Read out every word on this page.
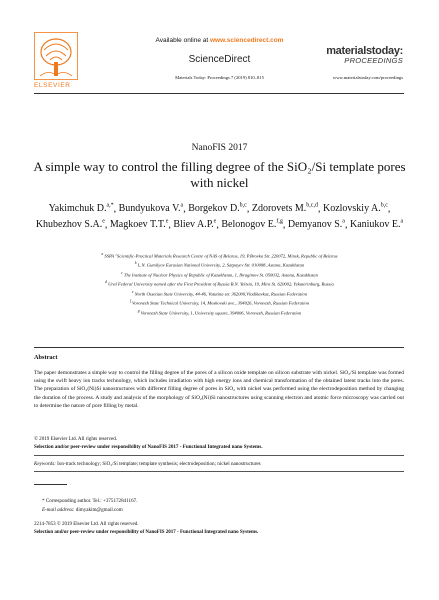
ELSEVIER
Available online at www.sciencedirect.com
ScienceDirect
Materials Today: Proceedings 7 (2019) 810–815
materialstoday:
PROCEEDINGS
www.materialstoday.com/proceedings
NanoFIS 2017
A simple way to control the filling degree of the SiO₂/Si template pores with nickel
Yakimchuk D.$^{a,*}$, Bundyukova V.$^a$, Borgekov D.$^{b,c}$, Zdorovets M.$^{b,c,d}$, Kozlovskiy A.$^{b,c}$, Khubezhov S.A.$^e$, Magkoev T.T.$^e$, Bliev A.P.$^e$, Belonogov E.$^{f,g}$, Demyanov S.$^a$, Kaniukov E.$^a$
$^a$ SSPA "Scientific-Practical Materials Research Centre of NAS of Belarus, 19, P.Brovka Str. 220072, Minsk, Republic of Belarus
$^b$ L.N. Gumilyov Eurasian National University, 2, Satpayev Str. 010008, Astana, Kazakhstan
$^c$ The Institute of Nuclear Physics of Republic of Kazakhstan, 1, Ibragimov St. 050032, Astana, Kazakhstan
$^d$ Ural Federal University named after the First President of Russia B.N. Yeltsin, 19, Mira St. 620002, Yekaterinburg, Russia
$^e$ North Ossetian State University, 44-46, Vatutina str. 362000,Vladikavkaz, Russian Federation
$^f$ Voronezh State Technical University, 14, Moskovski ave., 394026, Voronezh, Russian Federation
$^g$ Voronezh State University, 1, University square, 394006, Voronezh, Russian Federation
Abstract
The paper demonstrates a simple way to control the filling degree of the pores of a silicon oxide template on silicon substrate with nickel. SiO₂/Si template was formed using the swift heavy ion tracks technology, which includes irradiation with high energy ions and chemical transformation of the obtained latent tracks into the pores. The preparation of SiO₂(Ni)Si nanostructures with different filling degree of pores in SiO₂ with nickel was performed using the electrodeposition method by changing the duration of the process. A study and analysis of the morphology of SiO₂(Ni)Si nanostructures using scanning electron and atomic force microscopy was carried out to determine the nature of pore filling by metal.
© 2019 Elsevier Ltd. All rights reserved.
Selection and/or peer-review under responsibility of NanoFIS 2017 - Functional Integrated nano Systems.
Keywords: Ion-track technology; SiO₂/Si template; template synthesis; electrodeposition; nickel nanostructures
* Corresponding author. Tel.: +375172841167.
E-mail address: dimyakim@gmail.com
2214-7853 © 2019 Elsevier Ltd. All rights reserved.
Selection and/or peer-review under responsibility of NanoFIS 2017 - Functional Integrated nano Systems.
